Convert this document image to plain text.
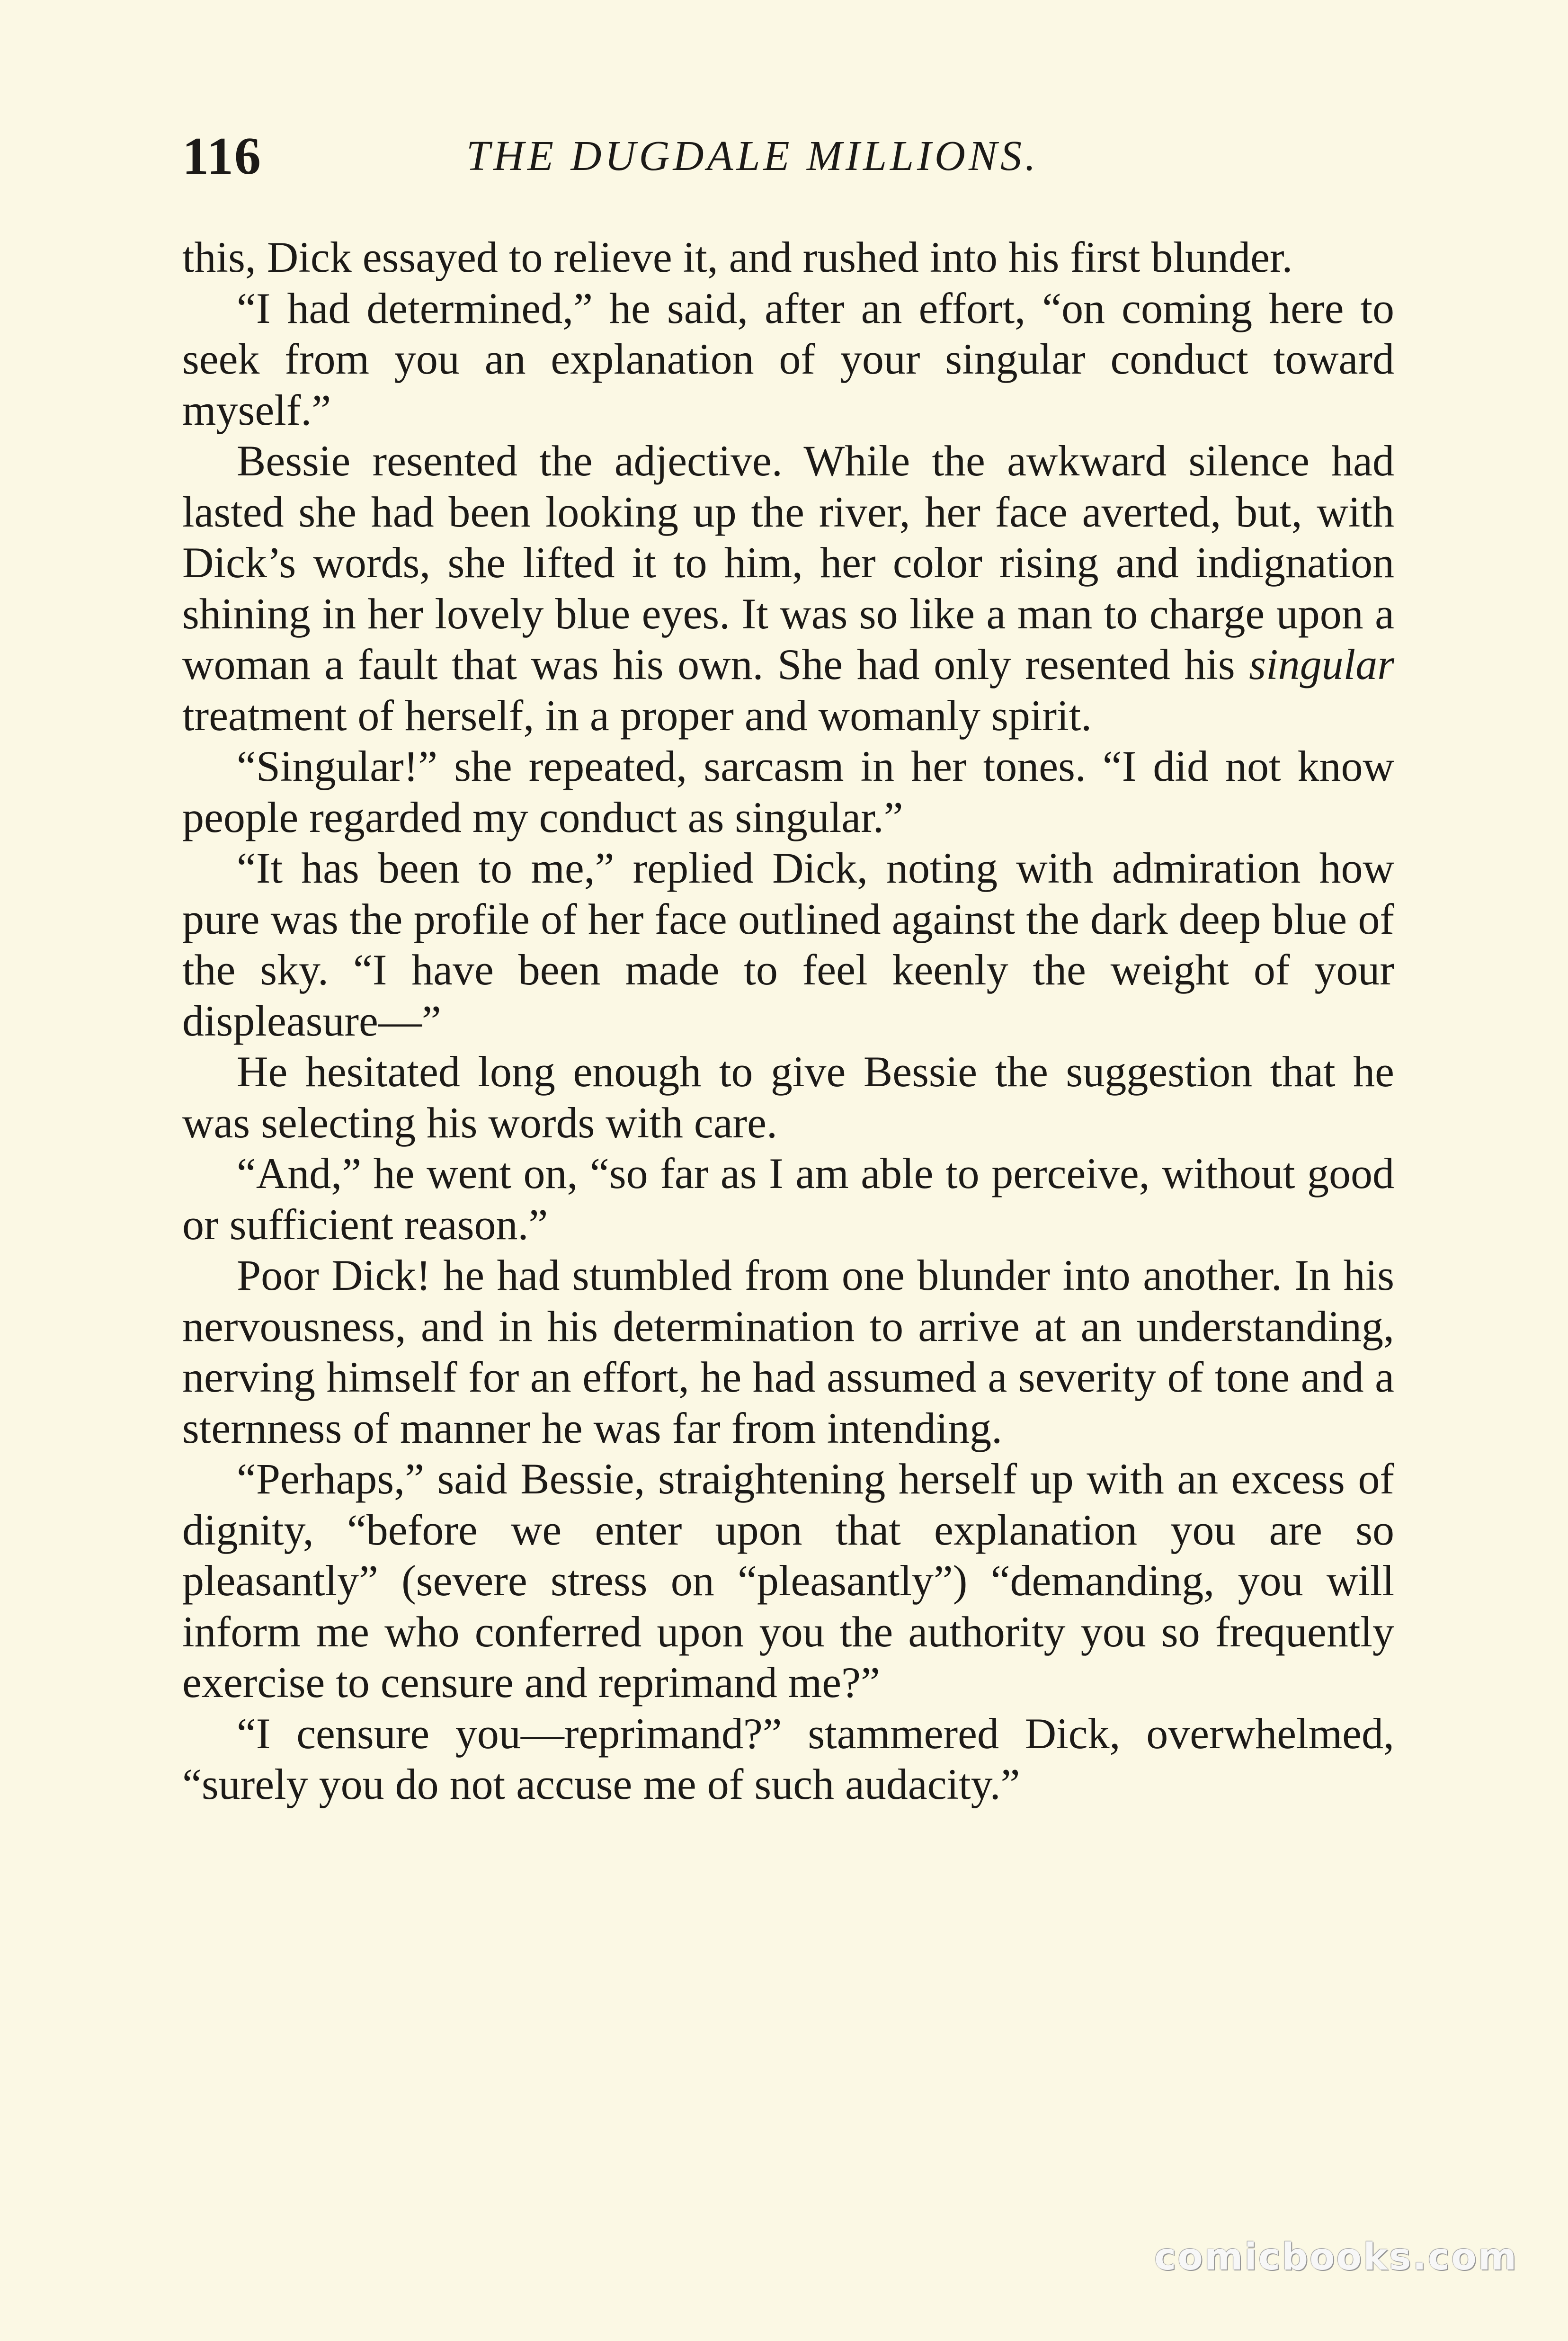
116	THE DUGDALE MILLIONS.

this, Dick essayed to relieve it, and rushed into his first blunder.

“I had determined,” he said, after an effort, “on coming here to seek from you an explanation of your singular conduct toward myself.”

Bessie resented the adjective. While the awkward silence had lasted she had been looking up the river, her face averted, but, with Dick’s words, she lifted it to him, her color rising and indignation shining in her lovely blue eyes. It was so like a man to charge upon a woman a fault that was his own. She had only resented his singular treatment of herself, in a proper and womanly spirit.

“Singular!” she repeated, sarcasm in her tones. “I did not know people regarded my conduct as singular.”

“It has been to me,” replied Dick, noting with admiration how pure was the profile of her face outlined against the dark deep blue of the sky. “I have been made to feel keenly the weight of your displeasure—”

He hesitated long enough to give Bessie the suggestion that he was selecting his words with care.

“And,” he went on, “so far as I am able to perceive, without good or sufficient reason.”

Poor Dick! he had stumbled from one blunder into another. In his nervousness, and in his determination to arrive at an understanding, nerving himself for an effort, he had assumed a severity of tone and a sternness of manner he was far from intending.

“Perhaps,” said Bessie, straightening herself up with an excess of dignity, “before we enter upon that explanation you are so pleasantly” (severe stress on “pleasantly”) “demanding, you will inform me who conferred upon you the authority you so frequently exercise to censure and reprimand me?”

“I censure you—reprimand?” stammered Dick, overwhelmed, “surely you do not accuse me of such audacity.”

comicbooks.com
